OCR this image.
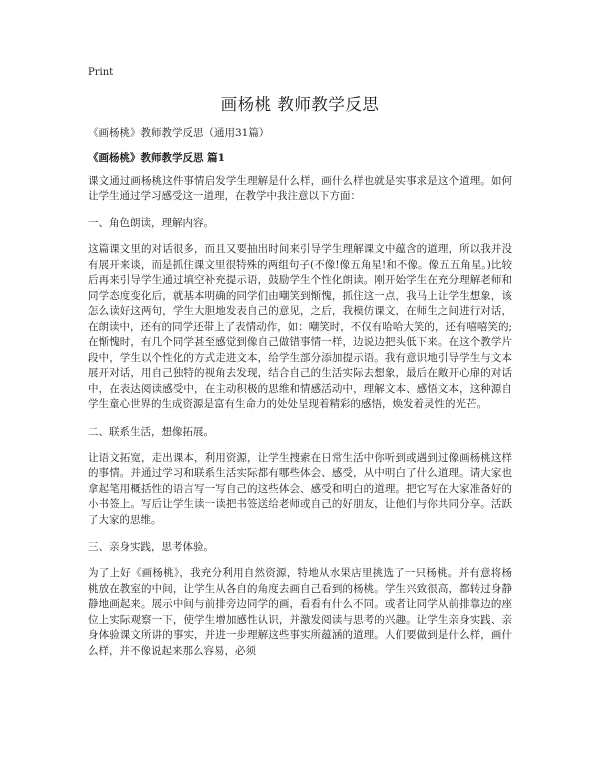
Print
画杨桃 教师教学反思
《画杨桃》教师教学反思（通用31篇）
《画杨桃》教师教学反思 篇1

课文通过画杨桃这件事情启发学生理解是什么样，画什么样也就是实事求是这个道理。如何让学生通过学习感受这一道理，在教学中我注意以下方面：

一、角色朗读，理解内容。

这篇课文里的对话很多，而且又要抽出时间来引导学生理解课文中蕴含的道理，所以我并没有展开来谈，而是抓住课文里很特殊的两组句子(不像!像五角星!和不像。像五五角星。)比较后再来引导学生通过填空补充提示语，鼓励学生个性化朗读。刚开始学生在充分理解老师和同学态度变化后，就基本明确的同学们由嘲笑到惭愧，抓住这一点，我马上让学生想象，该怎么读好这两句，学生大胆地发表自己的意见，之后，我模仿课文，在师生之间进行对话，在朗读中，还有的同学还带上了表情动作，如：嘲笑时，不仅有哈哈大笑的，还有嘻嘻笑的;在惭愧时，有几个同学甚至感觉到像自己做错事情一样，边说边把头低下来。在这个教学片段中，学生以个性化的方式走进文本，给学生部分添加提示语。我有意识地引导学生与文本展开对话，用自己独特的视角去发现，结合自己的生活实际去想象，最后在敞开心扉的对话中，在表达阅读感受中，在主动积极的思维和情感活动中，理解文本、感悟文本，这种源自学生童心世界的生成资源是富有生命力的处处呈现着精彩的感悟，焕发着灵性的光芒。

二、联系生活，想像拓展。

让语文拓宽，走出课本，利用资源，让学生搜索在日常生活中你听到或遇到过像画杨桃这样的事情。并通过学习和联系生活实际都有哪些体会、感受，从中明白了什么道理。请大家也拿起笔用概括性的语言写一写自己的这些体会、感受和明白的道理。把它写在大家准备好的小书签上。写后让学生读一读把书签送给老师或自己的好朋友，让他们与你共同分享。活跃了大家的思维。

三、亲身实践，思考体验。

为了上好《画杨桃》，我充分利用自然资源，特地从水果店里挑选了一只杨桃。并有意将杨桃放在教室的中间，让学生从各自的角度去画自己看到的杨桃。学生兴致很高，都转过身静静地画起来。展示中间与前排旁边同学的画，看看有什么不同。或者让同学从前排靠边的座位上实际观察一下，使学生增加感性认识，并激发阅读与思考的兴趣。让学生亲身实践、亲身体验课文所讲的事实，并进一步理解这些事实所蕴涵的道理。人们要做到是什么样，画什么样，并不像说起来那么容易，必须
